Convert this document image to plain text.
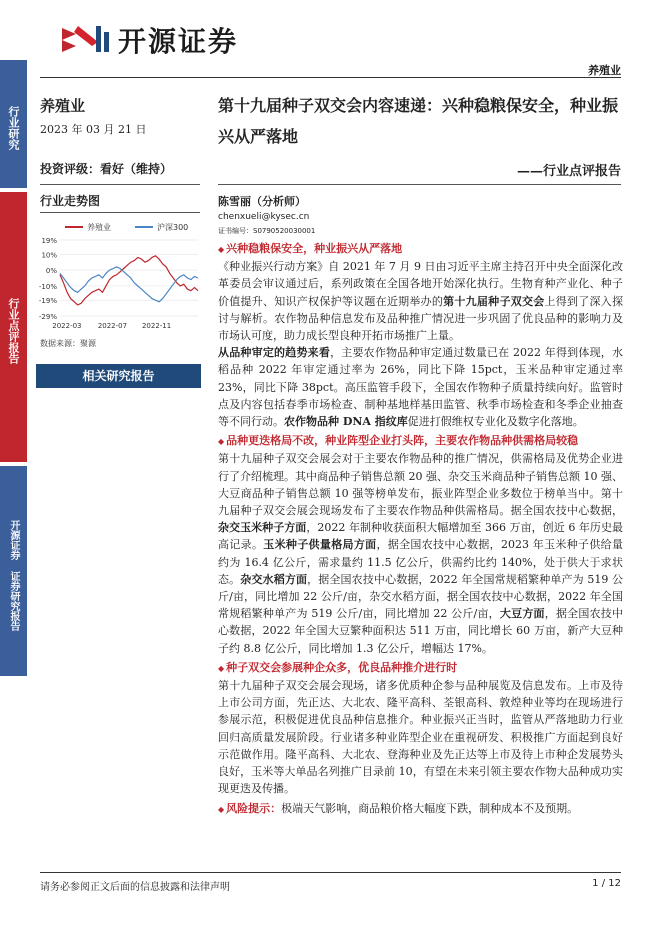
开源证券
养殖业
行业研究
行业点评报告
开源证券 证券研究报告
养殖业
2023 年 03 月 21 日
投资评级：看好（维持）
行业走势图
养殖业	沪深300
19%
10%
0%
-10%
-19%
-29%
2022-03 2022-07 2022-11
数据来源：聚源
相关研究报告
第十九届种子双交会内容速递：兴种稳粮保安全，种业振兴从严落地
——行业点评报告
陈雪丽（分析师）
chenxueli@kysec.cn
证书编号：S0790520030001

◆ 兴种稳粮保安全，种业振兴从严落地

《种业振兴行动方案》自 2021 年 7 月 9 日由习近平主席主持召开中央全面深化改革委员会审议通过后，系列政策在全国各地开始深化执行。生物育种产业化、种子价值提升、知识产权保护等议题在近期举办的第十九届种子双交会上得到了深入探讨与解析。农作物品种信息发布及品种推广情况进一步巩固了优良品种的影响力及市场认可度，助力成长型良种开拓市场推广上量。

从品种审定的趋势来看，主要农作物品种审定通过数量已在 2022 年得到体现，水稻品种 2022 年审定通过率为 26%，同比下降 15pct，玉米品种审定通过率 23%，同比下降 38pct。高压监管手段下，全国农作物种子质量持续向好。监管时点及内容包括春季市场检查、制种基地样基田监管、秋季市场检查和冬季企业抽查等不同行动。农作物品种 DNA 指纹库促进打假维权专业化及数字化落地。

◆ 品种更迭格局不改，种业阵型企业打头阵，主要农作物品种供需格局较稳

第十九届种子双交会展会对于主要农作物品种的推广情况，供需格局及优势企业进行了介绍梳理。其中商品种子销售总额 20 强、杂交玉米商品种子销售总额 10 强、大豆商品种子销售总额 10 强等榜单发布，振业阵型企业多数位于榜单当中。第十九届种子双交会展会现场发布了主要农作物品种供需格局。据全国农技中心数据，杂交玉米种子方面，2022 年制种收获面积大幅增加至 366 万亩，创近 6 年历史最高记录。玉米种子供量格局方面，据全国农技中心数据，2023 年玉米种子供给量约为 16.4 亿公斤，需求量约 11.5 亿公斤，供需约比约 140%，处于供大于求状态。杂交水稻方面，据全国农技中心数据，2022 年全国常规稻繁种单产为 519 公斤/亩，同比增加 22 公斤/亩，杂交水稻方面，据全国农技中心数据，2022 年全国常规稻繁种单产为 519 公斤/亩，同比增加 22 公斤/亩，大豆方面，据全国农技中心数据，2022 年全国大豆繁种面积达 511 万亩，同比增长 60 万亩，新产大豆种子约 8.8 亿公斤，同比增加 1.3 亿公斤，增幅达 17%。

◆ 种子双交会参展种企众多，优良品种推介进行时

第十九届种子双交会展会现场，诸多优质种企参与品种展览及信息发布。上市及待上市公司方面，先正达、大北农、隆平高科、荃银高科、敦煌种业等均在现场进行参展示范，积极促进优良品种信息推介。种业振兴正当时，监管从严落地助力行业回归高质量发展阶段。行业诸多种业阵型企业在重视研发、积极推广方面起到良好示范做作用。隆平高科、大北农、登海种业及先正达等上市及待上市种企发展势头良好，玉米等大单品名列推广目录前 10，有望在未来引领主要农作物大品种成功实现更迭及传播。

◆ 风险提示：极端天气影响，商品粮价格大幅度下跌，制种成本不及预期。

请务必参阅正文后面的信息披露和法律声明	1 / 12
